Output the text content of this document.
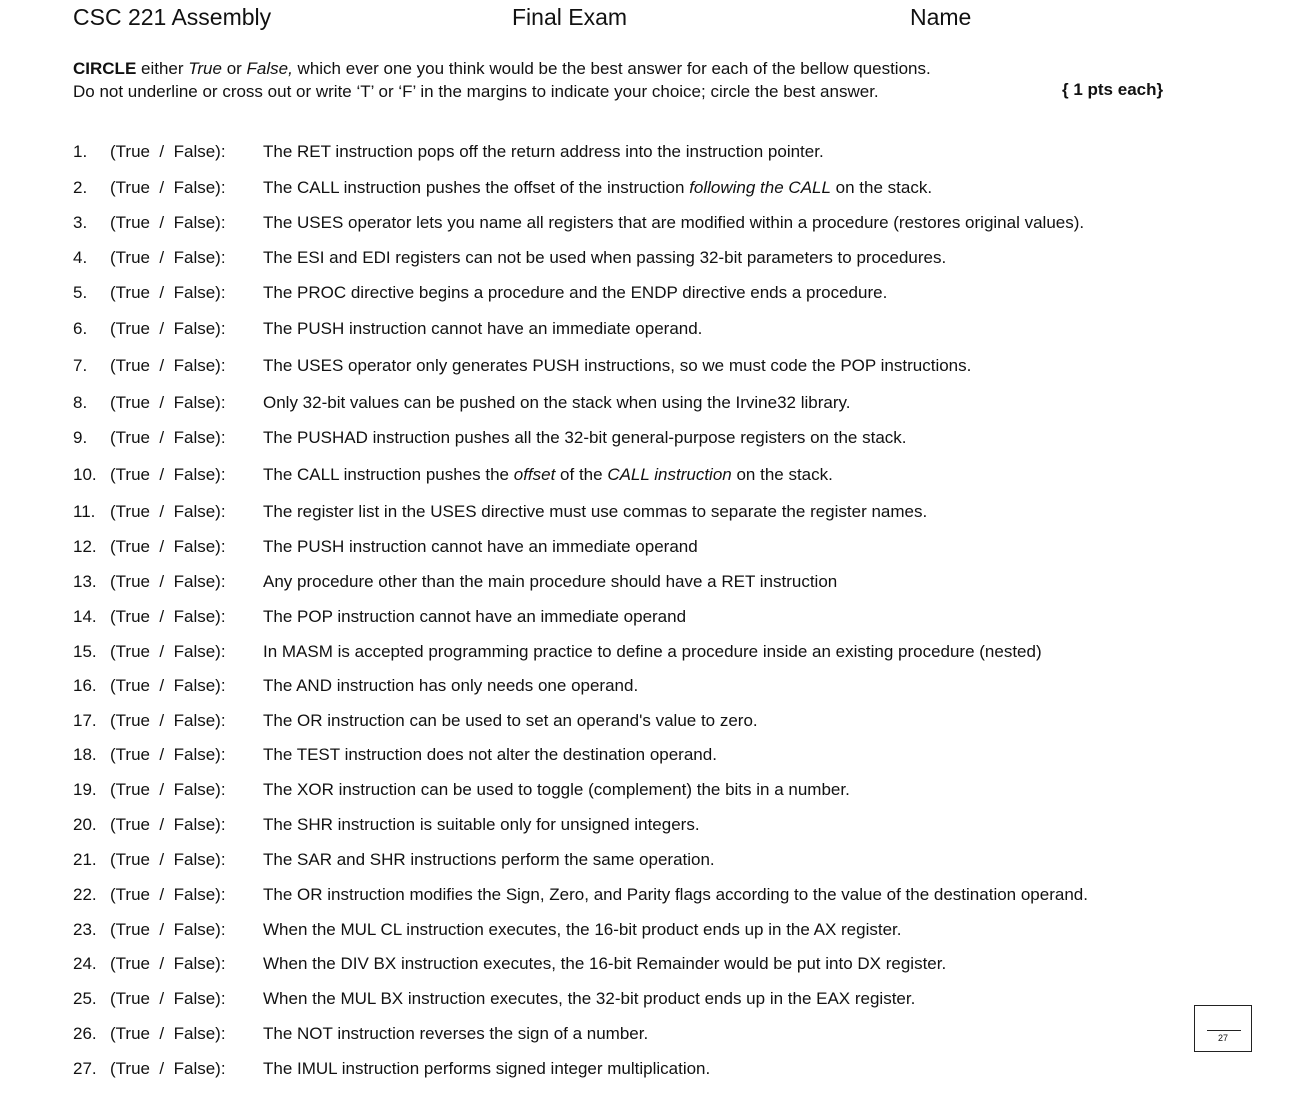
CSC 221 Assembly	Final Exam	Name
CIRCLE either True or False, which ever one you think would be the best answer for each of the bellow questions.
Do not underline or cross out or write ‘T’ or ‘F’ in the margins to indicate your choice; circle the best answer.	{ 1 pts each}
1. (True  /  False): The RET instruction pops off the return address into the instruction pointer.
2. (True  /  False): The CALL instruction pushes the offset of the instruction following the CALL on the stack.
3. (True  /  False): The USES operator lets you name all registers that are modified within a procedure (restores original values).
4. (True  /  False): The ESI and EDI registers can not be used when passing 32-bit parameters to procedures.
5. (True  /  False): The PROC directive begins a procedure and the ENDP directive ends a procedure.
6. (True  /  False): The PUSH instruction cannot have an immediate operand.
7. (True  /  False): The USES operator only generates PUSH instructions, so we must code the POP instructions.
8. (True  /  False): Only 32-bit values can be pushed on the stack when using the Irvine32 library.
9. (True  /  False): The PUSHAD instruction pushes all the 32-bit general-purpose registers on the stack.
10. (True  /  False): The CALL instruction pushes the offset of the CALL instruction on the stack.
11. (True  /  False): The register list in the USES directive must use commas to separate the register names.
12. (True  /  False): The PUSH instruction cannot have an immediate operand
13. (True  /  False): Any procedure other than the main procedure should have a RET instruction
14. (True  /  False): The POP instruction cannot have an immediate operand
15. (True  /  False): In MASM is accepted programming practice to define a procedure inside an existing procedure (nested)
16. (True  /  False): The AND instruction has only needs one operand.
17. (True  /  False): The OR instruction can be used to set an operand's value to zero.
18. (True  /  False): The TEST instruction does not alter the destination operand.
19. (True  /  False): The XOR instruction can be used to toggle (complement) the bits in a number.
20. (True  /  False): The SHR instruction is suitable only for unsigned integers.
21. (True  /  False): The SAR and SHR instructions perform the same operation.
22. (True  /  False): The OR instruction modifies the Sign, Zero, and Parity flags according to the value of the destination operand.
23. (True  /  False): When the MUL CL instruction executes, the 16-bit product ends up in the AX register.
24. (True  /  False): When the DIV BX instruction executes, the 16-bit Remainder would be put into DX register.
25. (True  /  False): When the MUL BX instruction executes, the 32-bit product ends up in the EAX register.
26. (True  /  False): The NOT instruction reverses the sign of a number.
27. (True  /  False): The IMUL instruction performs signed integer multiplication.
27
